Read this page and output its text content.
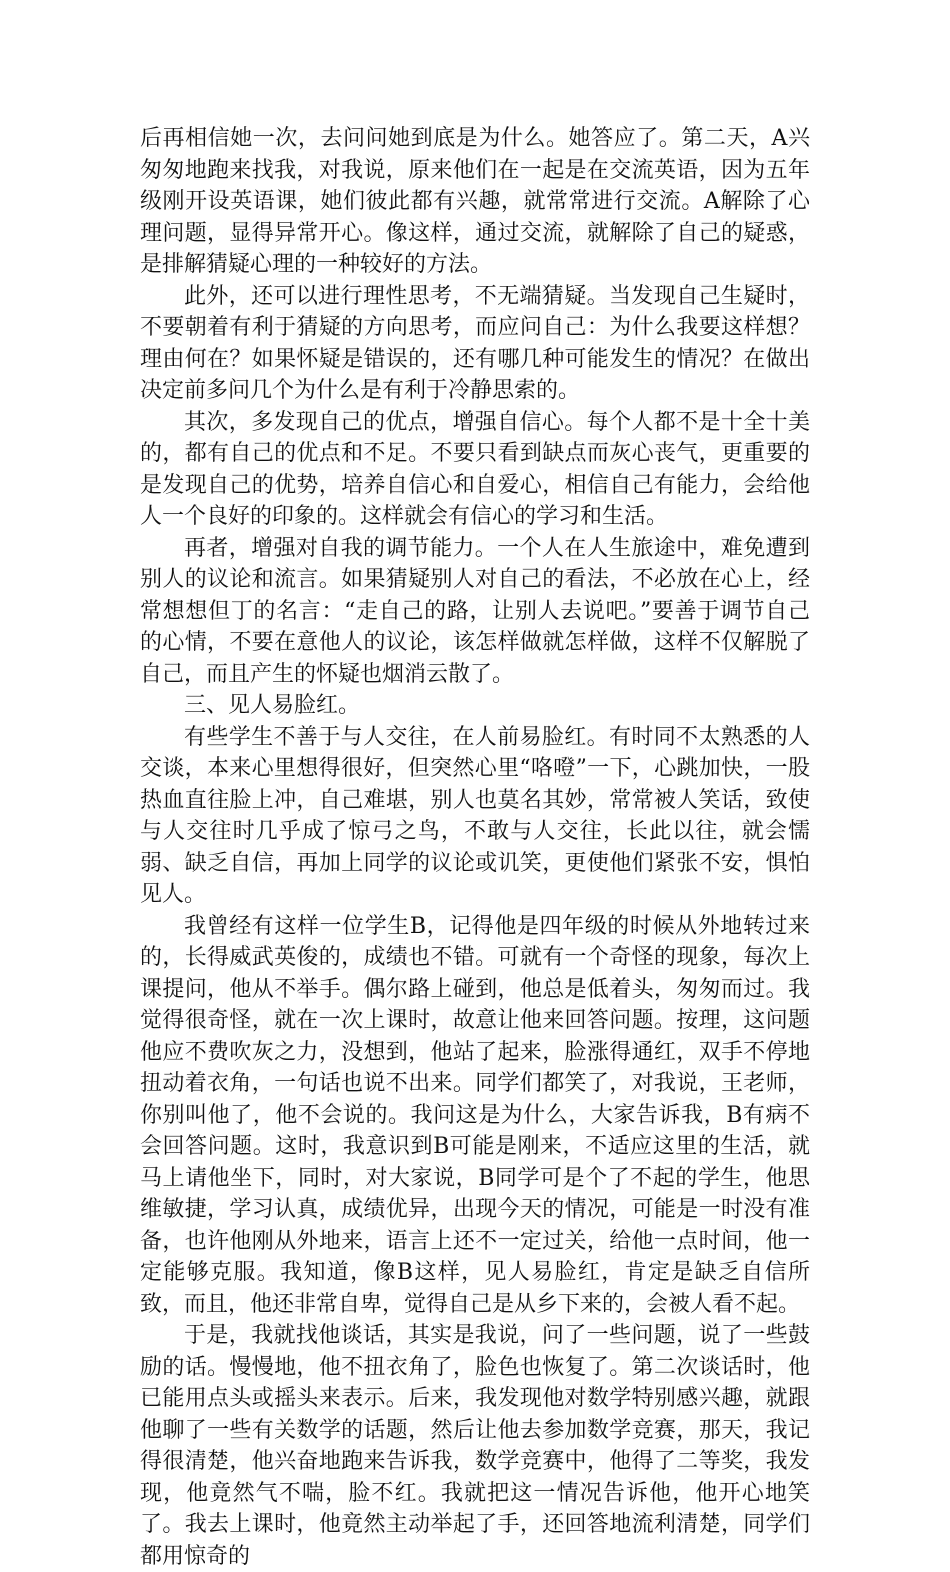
后再相信她一次，去问问她到底是为什么。她答应了。第二天，A兴匆匆地跑来找我，对我说，原来他们在一起是在交流英语，因为五年级刚开设英语课，她们彼此都有兴趣，就常常进行交流。A解除了心理问题，显得异常开心。像这样，通过交流，就解除了自己的疑惑，是排解猜疑心理的一种较好的方法。

此外，还可以进行理性思考，不无端猜疑。当发现自己生疑时，不要朝着有利于猜疑的方向思考，而应问自己：为什么我要这样想？理由何在？如果怀疑是错误的，还有哪几种可能发生的情况？在做出决定前多问几个为什么是有利于冷静思索的。

其次，多发现自己的优点，增强自信心。每个人都不是十全十美的，都有自己的优点和不足。不要只看到缺点而灰心丧气，更重要的是发现自己的优势，培养自信心和自爱心，相信自己有能力，会给他人一个良好的印象的。这样就会有信心的学习和生活。

再者，增强对自我的调节能力。一个人在人生旅途中，难免遭到别人的议论和流言。如果猜疑别人对自己的看法，不必放在心上，经常想想但丁的名言：“走自己的路，让别人去说吧。”要善于调节自己的心情，不要在意他人的议论，该怎样做就怎样做，这样不仅解脱了自己，而且产生的怀疑也烟消云散了。

三、见人易脸红。

有些学生不善于与人交往，在人前易脸红。有时同不太熟悉的人交谈，本来心里想得很好，但突然心里“咯噔”一下，心跳加快，一股热血直往脸上冲，自己难堪，别人也莫名其妙，常常被人笑话，致使与人交往时几乎成了惊弓之鸟，不敢与人交往，长此以往，就会懦弱、缺乏自信，再加上同学的议论或讥笑，更使他们紧张不安，惧怕见人。

我曾经有这样一位学生B，记得他是四年级的时候从外地转过来的，长得威武英俊的，成绩也不错。可就有一个奇怪的现象，每次上课提问，他从不举手。偶尔路上碰到，他总是低着头，匆匆而过。我觉得很奇怪，就在一次上课时，故意让他来回答问题。按理，这问题他应不费吹灰之力，没想到，他站了起来，脸涨得通红，双手不停地扭动着衣角，一句话也说不出来。同学们都笑了，对我说，王老师，你别叫他了，他不会说的。我问这是为什么，大家告诉我，B有病不会回答问题。这时，我意识到B可能是刚来，不适应这里的生活，就马上请他坐下，同时，对大家说，B同学可是个了不起的学生，他思维敏捷，学习认真，成绩优异，出现今天的情况，可能是一时没有准备，也许他刚从外地来，语言上还不一定过关，给他一点时间，他一定能够克服。我知道，像B这样，见人易脸红，肯定是缺乏自信所致，而且，他还非常自卑，觉得自己是从乡下来的，会被人看不起。

于是，我就找他谈话，其实是我说，问了一些问题，说了一些鼓励的话。慢慢地，他不扭衣角了，脸色也恢复了。第二次谈话时，他已能用点头或摇头来表示。后来，我发现他对数学特别感兴趣，就跟他聊了一些有关数学的话题，然后让他去参加数学竞赛，那天，我记得很清楚，他兴奋地跑来告诉我，数学竞赛中，他得了二等奖，我发现，他竟然气不喘，脸不红。我就把这一情况告诉他，他开心地笑了。我去上课时，他竟然主动举起了手，还回答地流利清楚，同学们都用惊奇的
